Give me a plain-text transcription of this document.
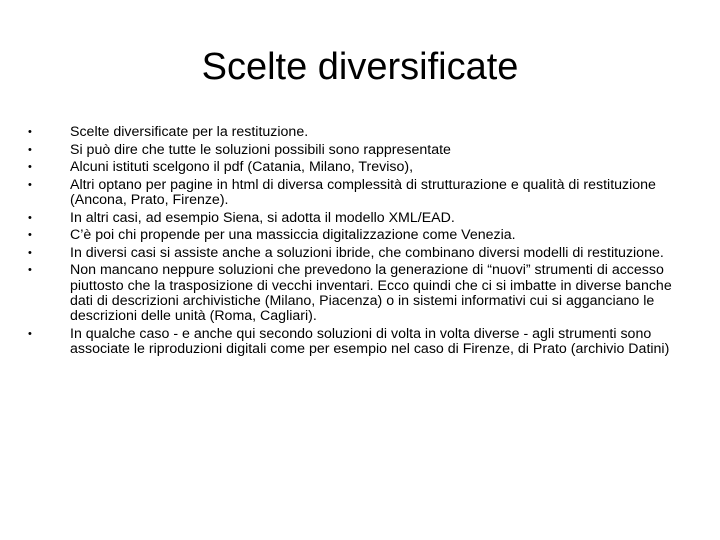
Scelte diversificate
•	Scelte diversificate per la restituzione.
•	Si può dire che tutte le soluzioni possibili sono rappresentate
•	Alcuni istituti scelgono il pdf (Catania, Milano, Treviso),
•	Altri optano per pagine in html di diversa complessità di strutturazione e qualità di restituzione (Ancona, Prato, Firenze).
•	In altri casi, ad esempio Siena, si adotta il modello XML/EAD.
•	C’è poi chi propende per una massiccia digitalizzazione come Venezia.
•	In diversi casi si assiste anche a soluzioni ibride, che combinano diversi modelli di restituzione.
•	Non mancano neppure soluzioni che prevedono la generazione di “nuovi” strumenti di accesso piuttosto che la trasposizione di vecchi inventari. Ecco quindi che ci si imbatte in diverse banche dati di descrizioni archivistiche (Milano, Piacenza) o in sistemi informativi cui si agganciano le descrizioni delle unità (Roma, Cagliari).
•	In qualche caso - e anche qui secondo soluzioni di volta in volta diverse - agli strumenti sono associate le riproduzioni digitali come per esempio nel caso di Firenze, di Prato (archivio Datini)
